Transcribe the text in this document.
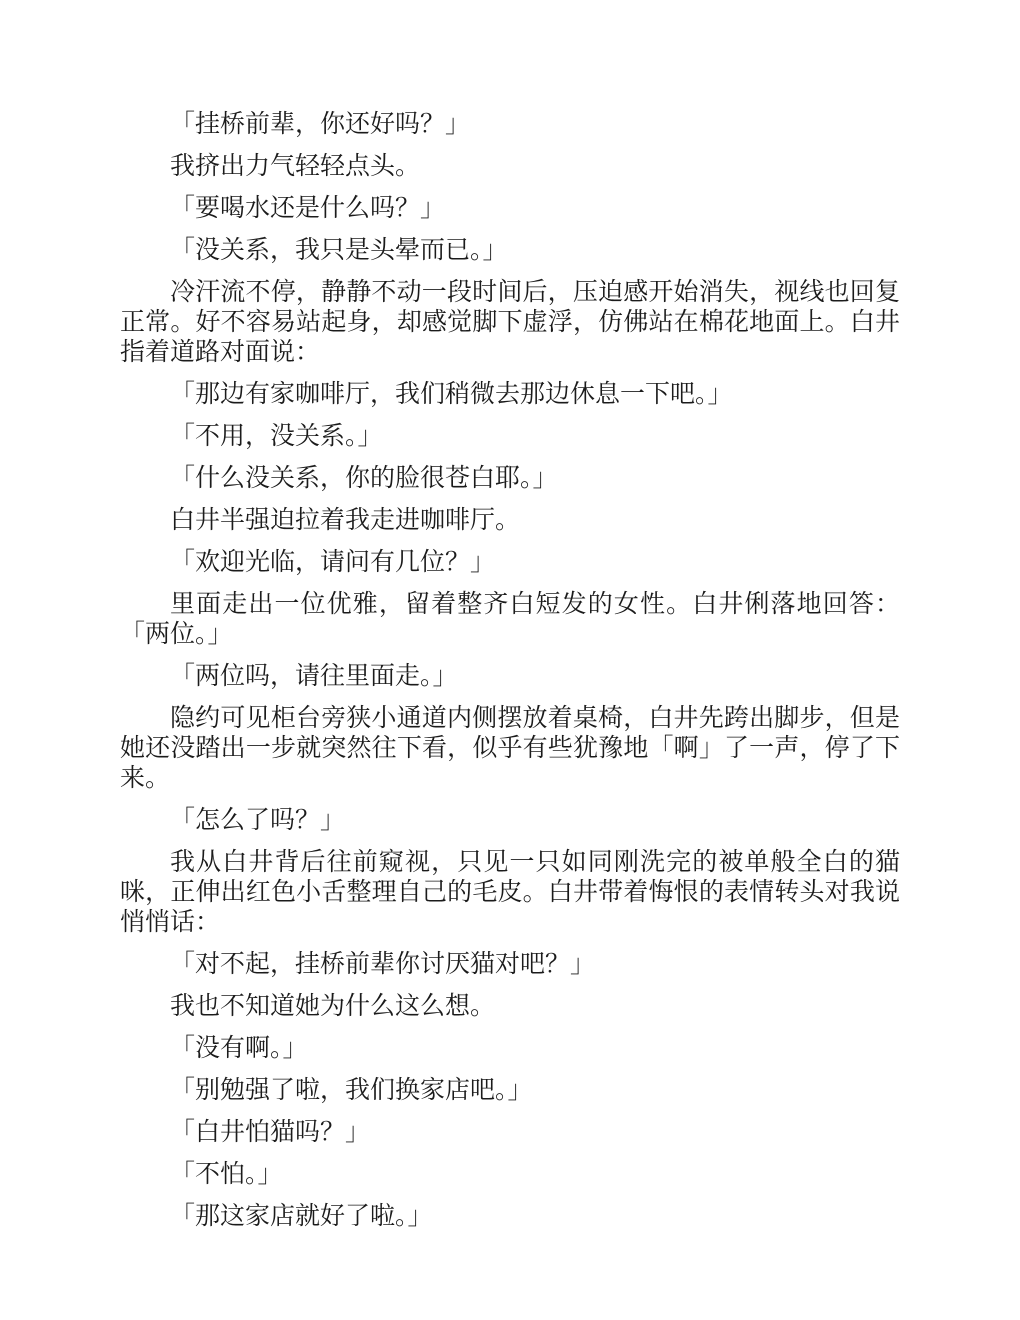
「挂桥前辈，你还好吗？」

我挤出力气轻轻点头。

「要喝水还是什么吗？」

「没关系，我只是头晕而已。」

冷汗流不停，静静不动一段时间后，压迫感开始消失，视线也回复正常。好不容易站起身，却感觉脚下虚浮，仿佛站在棉花地面上。白井指着道路对面说：

「那边有家咖啡厅，我们稍微去那边休息一下吧。」

「不用，没关系。」

「什么没关系，你的脸很苍白耶。」

白井半强迫拉着我走进咖啡厅。

「欢迎光临，请问有几位？」

里面走出一位优雅，留着整齐白短发的女性。白井俐落地回答：「两位。」

「两位吗，请往里面走。」

隐约可见柜台旁狭小通道内侧摆放着桌椅，白井先跨出脚步，但是她还没踏出一步就突然往下看，似乎有些犹豫地「啊」了一声，停了下来。

「怎么了吗？」

我从白井背后往前窥视，只见一只如同刚洗完的被单般全白的猫咪，正伸出红色小舌整理自己的毛皮。白井带着悔恨的表情转头对我说悄悄话：

「对不起，挂桥前辈你讨厌猫对吧？」

我也不知道她为什么这么想。

「没有啊。」

「别勉强了啦，我们换家店吧。」

「白井怕猫吗？」

「不怕。」

「那这家店就好了啦。」
